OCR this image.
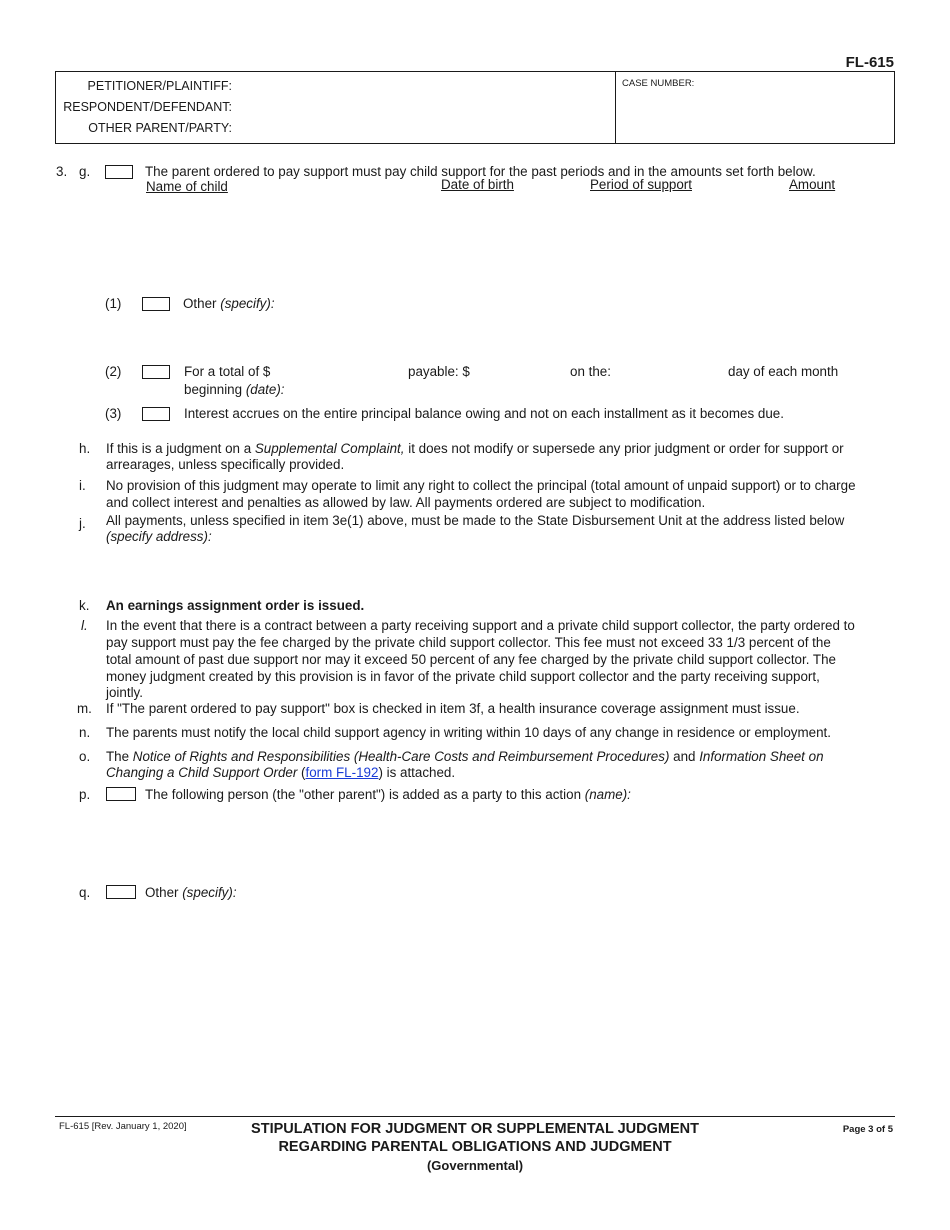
FL-615
PETITIONER/PLAINTIFF:
RESPONDENT/DEFENDANT:
OTHER PARENT/PARTY:
CASE NUMBER:
3. g.	The parent ordered to pay support must pay child support for the past periods and in the amounts set forth below.
Name of child	Date of birth	Period of support	Amount
(1)	Other (specify):
(2)	For a total of $	payable: $	on the:	day of each month
beginning (date):
(3)	Interest accrues on the entire principal balance owing and not on each installment as it becomes due.
h. If this is a judgment on a Supplemental Complaint, it does not modify or supersede any prior judgment or order for support or
arrearages, unless specifically provided.
i. No provision of this judgment may operate to limit any right to collect the principal (total amount of unpaid support) or to charge
and collect interest and penalties as allowed by law. All payments ordered are subject to modification.
j. All payments, unless specified in item 3e(1) above, must be made to the State Disbursement Unit at the address listed below
(specify address):
k. An earnings assignment order is issued.
l. In the event that there is a contract between a party receiving support and a private child support collector, the party ordered to
pay support must pay the fee charged by the private child support collector. This fee must not exceed 33 1/3 percent of the
total amount of past due support nor may it exceed 50 percent of any fee charged by the private child support collector. The
money judgment created by this provision is in favor of the private child support collector and the party receiving support,
jointly.
m. If "The parent ordered to pay support" box is checked in item 3f, a health insurance coverage assignment must issue.
n. The parents must notify the local child support agency in writing within 10 days of any change in residence or employment.
o. The Notice of Rights and Responsibilities (Health-Care Costs and Reimbursement Procedures) and Information Sheet on
Changing a Child Support Order (form FL-192) is attached.
p.	The following person (the "other parent") is added as a party to this action (name):
q.	Other (specify):
FL-615 [Rev. January 1, 2020]	STIPULATION FOR JUDGMENT OR SUPPLEMENTAL JUDGMENT
REGARDING PARENTAL OBLIGATIONS AND JUDGMENT
(Governmental)
Page 3 of 5
